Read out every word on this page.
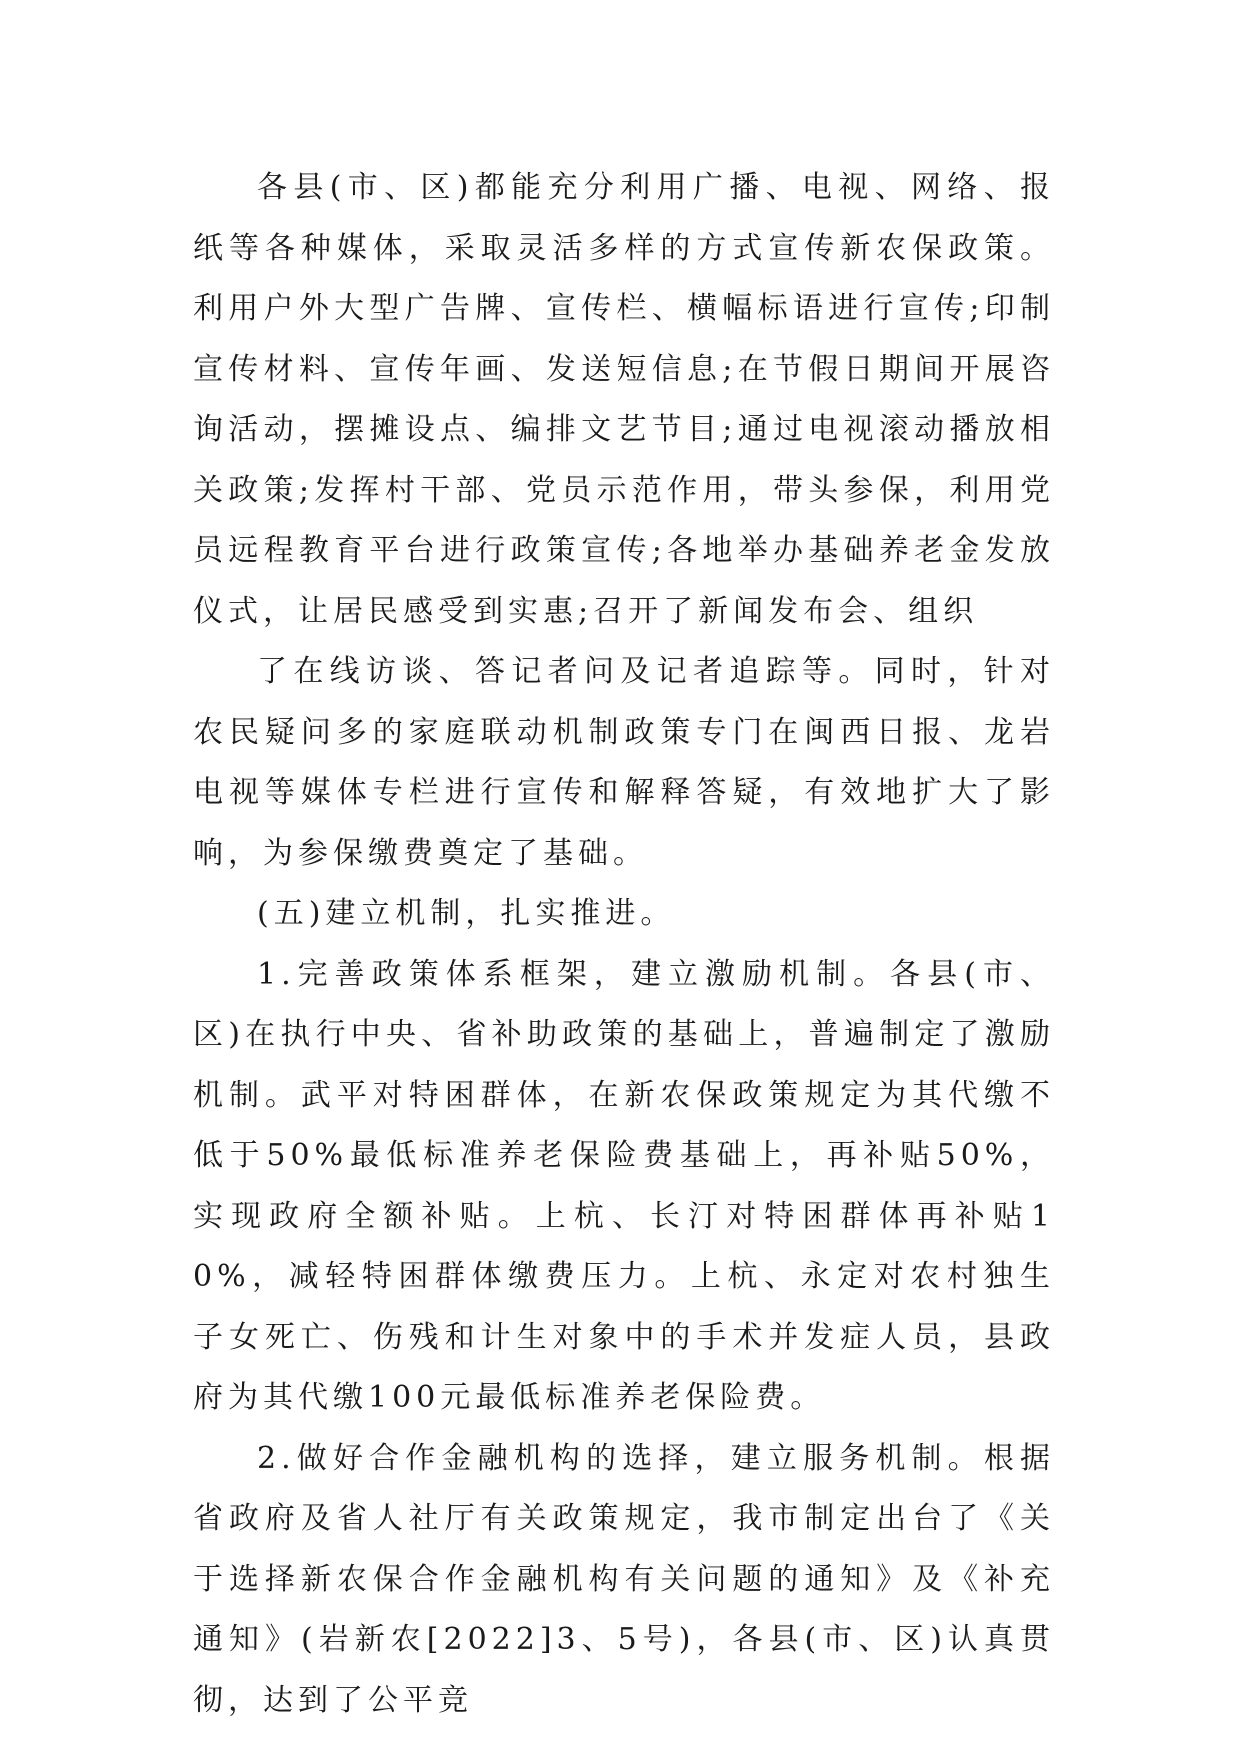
各县(市、区)都能充分利用广播、电视、网络、报纸等各种媒体，采取灵活多样的方式宣传新农保政策。利用户外大型广告牌、宣传栏、横幅标语进行宣传;印制宣传材料、宣传年画、发送短信息;在节假日期间开展咨询活动，摆摊设点、编排文艺节目;通过电视滚动播放相关政策;发挥村干部、党员示范作用，带头参保，利用党员远程教育平台进行政策宣传;各地举办基础养老金发放仪式，让居民感受到实惠;召开了新闻发布会、组织

了在线访谈、答记者问及记者追踪等。同时，针对农民疑问多的家庭联动机制政策专门在闽西日报、龙岩电视等媒体专栏进行宣传和解释答疑，有效地扩大了影响，为参保缴费奠定了基础。

(五)建立机制，扎实推进。

1.完善政策体系框架，建立激励机制。各县(市、区)在执行中央、省补助政策的基础上，普遍制定了激励机制。武平对特困群体，在新农保政策规定为其代缴不低于50%最低标准养老保险费基础上，再补贴50%，实现政府全额补贴。上杭、长汀对特困群体再补贴10%，减轻特困群体缴费压力。上杭、永定对农村独生子女死亡、伤残和计生对象中的手术并发症人员，县政府为其代缴100元最低标准养老保险费。

2.做好合作金融机构的选择，建立服务机制。根据省政府及省人社厅有关政策规定，我市制定出台了《关于选择新农保合作金融机构有关问题的通知》及《补充通知》(岩新农[2022]3、5号)，各县(市、区)认真贯彻，达到了公平竞
